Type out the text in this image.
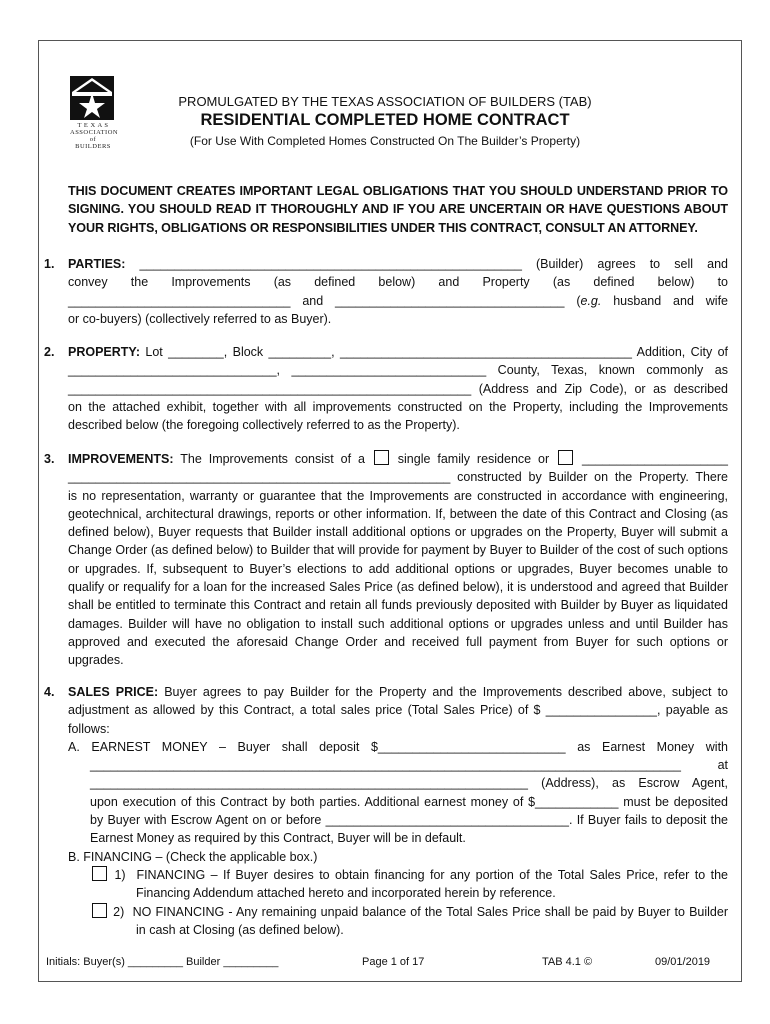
T E X A S
ASSOCIATION
of
BUILDERS
PROMULGATED BY THE TEXAS ASSOCIATION OF BUILDERS (TAB)
RESIDENTIAL COMPLETED HOME CONTRACT
(For Use With Completed Homes Constructed On The Builder’s Property)
THIS DOCUMENT CREATES IMPORTANT LEGAL OBLIGATIONS THAT YOU SHOULD UNDERSTAND PRIOR TO SIGNING. YOU SHOULD READ IT THOROUGHLY AND IF YOU ARE UNCERTAIN OR HAVE QUESTIONS ABOUT YOUR RIGHTS, OBLIGATIONS OR RESPONSIBILITIES UNDER THIS CONTRACT, CONSULT AN ATTORNEY.
1. PARTIES: _______________________________________________________ (Builder) agrees to sell and
convey the Improvements (as defined below) and Property (as defined below) to
________________________________ and _________________________________ (e.g. husband and wife
or co-buyers) (collectively referred to as Buyer).
2. PROPERTY: Lot ________, Block _________, __________________________________________ Addition, City of
______________________________, ____________________________ County, Texas, known commonly as
__________________________________________________________ (Address and Zip Code), or as described
on the attached exhibit, together with all improvements constructed on the Property, including the Improvements
described below (the foregoing collectively referred to as the Property).
3. IMPROVEMENTS: The Improvements consist of a	single family residence or	_____________________
_______________________________________________________ constructed by Builder on the Property. There
is no representation, warranty or guarantee that the Improvements are constructed in accordance with engineering, geotechnical, architectural drawings, reports or other information. If, between the date of this Contract and Closing (as defined below), Buyer requests that Builder install additional options or upgrades on the Property, Buyer will submit a Change Order (as defined below) to Builder that will provide for payment by Buyer to Builder of the cost of such options or upgrades. If, subsequent to Buyer’s elections to add additional options or upgrades, Buyer becomes unable to qualify or requalify for a loan for the increased Sales Price (as defined below), it is understood and agreed that Builder shall be entitled to terminate this Contract and retain all funds previously deposited with Builder by Buyer as liquidated damages. Builder will have no obligation to install such additional options or upgrades unless and until Builder has approved and executed the aforesaid Change Order and received full payment from Buyer for such options or upgrades.
4. SALES PRICE: Buyer agrees to pay Builder for the Property and the Improvements described above, subject to
adjustment as allowed by this Contract, a total sales price (Total Sales Price) of $ ________________, payable as
follows:
A. EARNEST MONEY – Buyer shall deposit $___________________________ as Earnest Money with
_____________________________________________________________________________________ at
_______________________________________________________________ (Address), as Escrow Agent,
upon execution of this Contract by both parties. Additional earnest money of $____________ must be deposited
by Buyer with Escrow Agent on or before ___________________________________. If Buyer fails to deposit the
Earnest Money as required by this Contract, Buyer will be in default.
B. FINANCING – (Check the applicable box.)
1) FINANCING – If Buyer desires to obtain financing for any portion of the Total Sales Price, refer to the
Financing Addendum attached hereto and incorporated herein by reference.
2) NO FINANCING - Any remaining unpaid balance of the Total Sales Price shall be paid by Buyer to Builder
in cash at Closing (as defined below).
Initials: Buyer(s) _________ Builder _________	Page 1 of 17	TAB 4.1 ©	09/01/2019
